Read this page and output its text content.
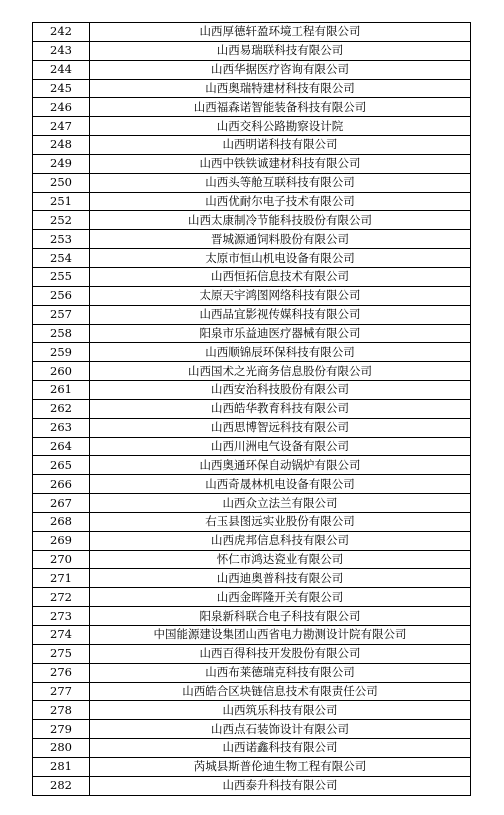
242	山西厚德轩盈环境工程有限公司
243	山西易瑞联科技有限公司
244	山西华据医疗咨询有限公司
245	山西奥瑞特建材科技有限公司
246	山西福森诺智能装备科技有限公司
247	山西交科公路勘察设计院
248	山西明诺科技有限公司
249	山西中铁铁诚建材科技有限公司
250	山西头等舱互联科技有限公司
251	山西优耐尔电子技术有限公司
252	山西太康制冷节能科技股份有限公司
253	晋城源通饲料股份有限公司
254	太原市恒山机电设备有限公司
255	山西恒拓信息技术有限公司
256	太原天宇鸿图网络科技有限公司
257	山西品宜影视传媒科技有限公司
258	阳泉市乐益迪医疗器械有限公司
259	山西顺锦辰环保科技有限公司
260	山西国术之光商务信息股份有限公司
261	山西安治科技股份有限公司
262	山西皓华教育科技有限公司
263	山西思博智远科技有限公司
264	山西川洲电气设备有限公司
265	山西奥通环保自动锅炉有限公司
266	山西奇晟林机电设备有限公司
267	山西众立法兰有限公司
268	右玉县图远实业股份有限公司
269	山西虎邦信息科技有限公司
270	怀仁市鸿达瓷业有限公司
271	山西迪奥普科技有限公司
272	山西金晖隆开关有限公司
273	阳泉新科联合电子科技有限公司
274	中国能源建设集团山西省电力勘测设计院有限公司
275	山西百得科技开发股份有限公司
276	山西布莱德瑞克科技有限公司
277	山西皓合区块链信息技术有限责任公司
278	山西筑乐科技有限公司
279	山西点石装饰设计有限公司
280	山西诺鑫科技有限公司
281	芮城县斯普伦迪生物工程有限公司
282	山西泰升科技有限公司
